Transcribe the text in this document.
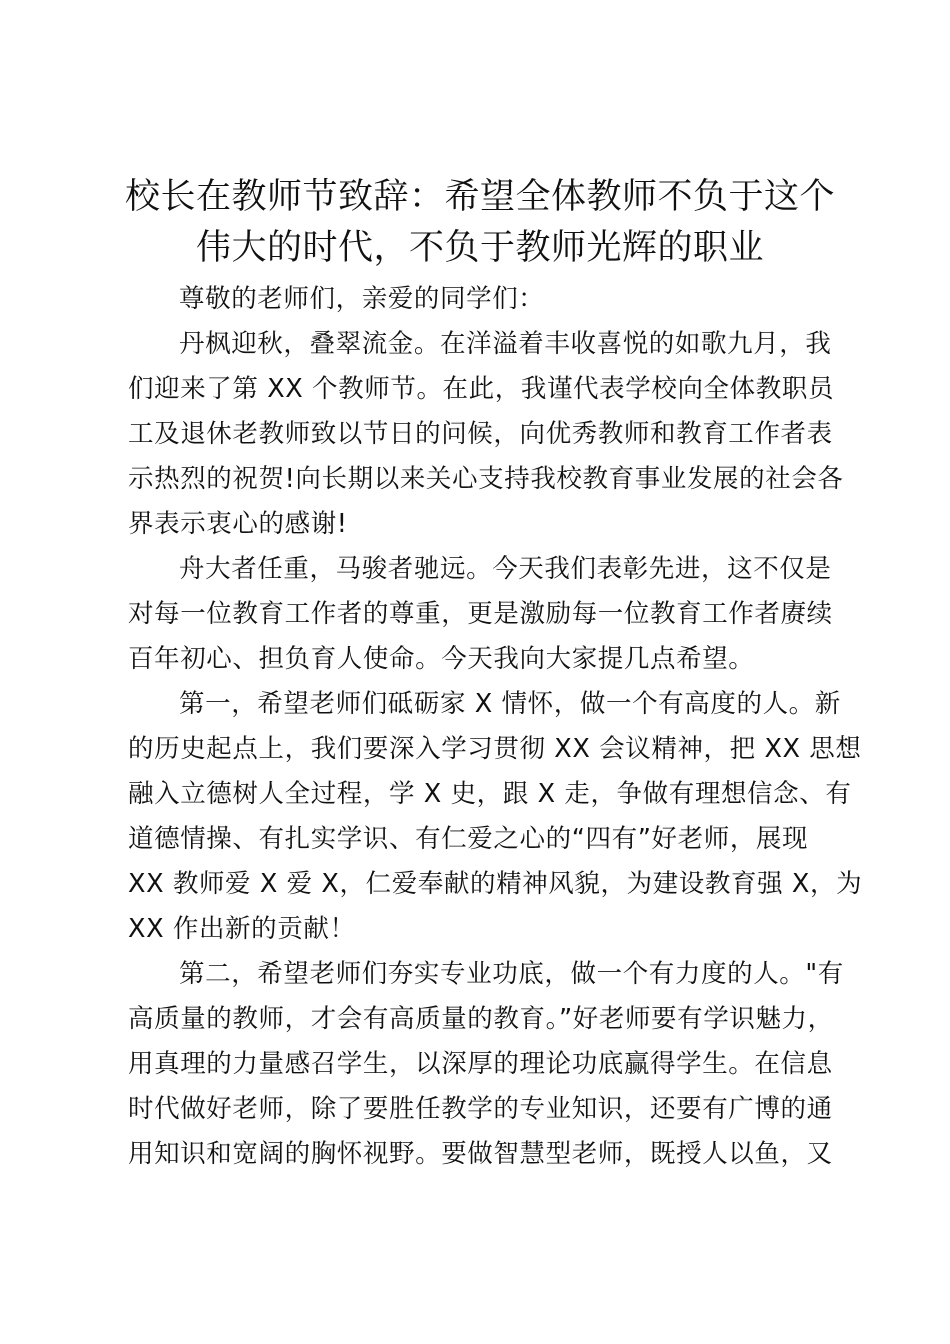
校长在教师节致辞：希望全体教师不负于这个
伟大的时代，不负于教师光辉的职业

尊敬的老师们，亲爱的同学们：

丹枫迎秋，叠翠流金。在洋溢着丰收喜悦的如歌九月，我
们迎来了第 XX 个教师节。在此，我谨代表学校向全体教职员
工及退休老教师致以节日的问候，向优秀教师和教育工作者表
示热烈的祝贺!向长期以来关心支持我校教育事业发展的社会各
界表示衷心的感谢!

舟大者任重，马骏者驰远。今天我们表彰先进，这不仅是
对每一位教育工作者的尊重，更是激励每一位教育工作者赓续
百年初心、担负育人使命。今天我向大家提几点希望。

第一，希望老师们砥砺家 X 情怀，做一个有高度的人。新
的历史起点上，我们要深入学习贯彻 XX 会议精神，把 XX 思想
融入立德树人全过程，学 X 史，跟 X 走，争做有理想信念、有
道德情操、有扎实学识、有仁爱之心的“四有”好老师，展现
XX 教师爱 X 爱 X，仁爱奉献的精神风貌，为建设教育强 X，为
XX 作出新的贡献！

第二，希望老师们夯实专业功底，做一个有力度的人。"有
高质量的教师，才会有高质量的教育。”好老师要有学识魅力，
用真理的力量感召学生，以深厚的理论功底赢得学生。在信息
时代做好老师，除了要胜任教学的专业知识，还要有广博的通
用知识和宽阔的胸怀视野。要做智慧型老师，既授人以鱼，又
